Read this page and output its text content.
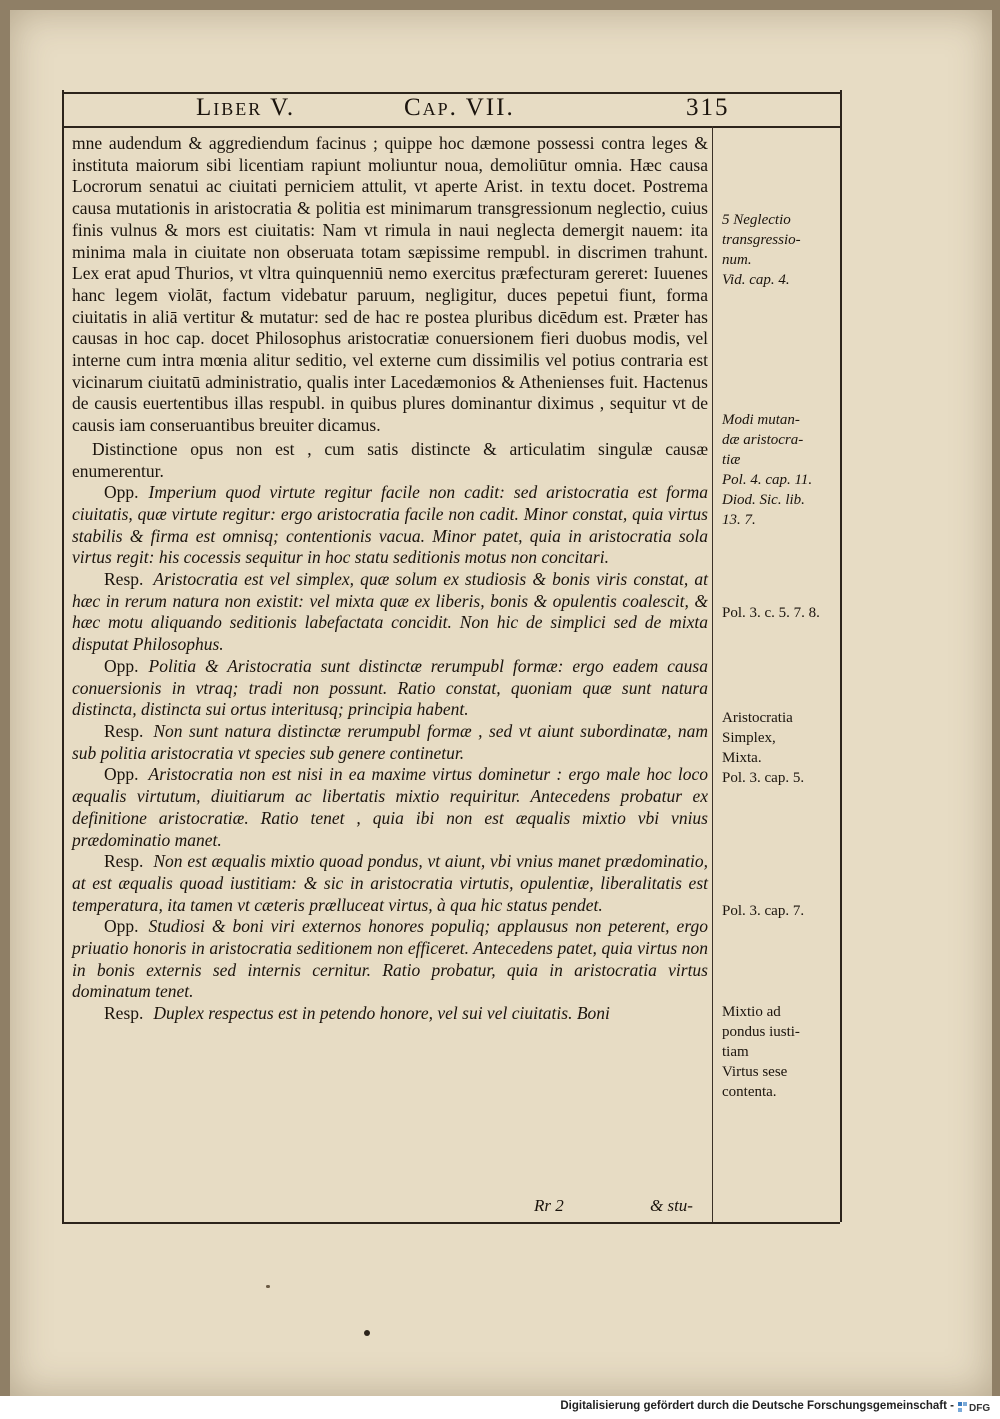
Liber V.	Cap. VII.	315

mne audendum & aggrediendum facinus ; quippe hoc dæmone possessi contra leges & instituta maiorum sibi licentiam rapiunt moliuntur noua, demoliūtur omnia. Hæc causa Locrorum senatui ac ciuitati perniciem attulit, vt aperte Arist. in textu docet. Postrema causa mutationis in aristocratia & politia est minimarum transgressionum neglectio, cuius finis vulnus & mors est ciuitatis: Nam vt rimula in naui neglecta demergit nauem: ita minima mala in ciuitate non obseruata totam sæpissime rempubl. in discrimen trahunt. Lex erat apud Thurios, vt vltra quinquenniū nemo exercitus præfecturam gereret: Iuuenes hanc legem violāt, factum videbatur paruum, negligitur, duces pepetui fiunt, forma ciuitatis in aliā vertitur & mutatur: sed de hac re postea pluribus dicēdum est. Præter has causas in hoc cap. docet Philosophus aristocratiæ conuersionem fieri duobus modis, vel interne cum intra mœnia alitur seditio, vel externe cum dissimilis vel potius contraria est vicinarum ciuitatū administratio, qualis inter Lacedæmonios & Athenienses fuit. Hactenus de causis euertentibus illas respubl. in quibus plures dominantur diximus , sequitur vt de causis iam conseruantibus breuiter dicamus.

Distinctione opus non est , cum satis distincte & articulatim singulæ causæ enumerentur.

Opp. Imperium quod virtute regitur facile non cadit: sed aristocratia est forma ciuitatis, quæ virtute regitur: ergo aristocratia facile non cadit. Minor constat, quia virtus stabilis & firma est omnisq; contentionis vacua. Minor patet, quia in aristocratia sola virtus regit: his cocessis sequitur in hoc statu seditionis motus non concitari.

Resp. Aristocratia est vel simplex, quæ solum ex studiosis & bonis viris constat, at hæc in rerum natura non existit: vel mixta quæ ex liberis, bonis & opulentis coalescit, & hæc motu aliquando seditionis labefactata concidit. Non hic de simplici sed de mixta disputat Philosophus.

Opp. Politia & Aristocratia sunt distinctæ rerumpubl formæ: ergo eadem causa conuersionis in vtraq; tradi non possunt. Ratio constat, quoniam quæ sunt natura distincta, distincta sui ortus interitusq; principia habent.

Resp. Non sunt natura distinctæ rerumpubl formæ , sed vt aiunt subordinatæ, nam sub politia aristocratia vt species sub genere continetur.

Opp. Aristocratia non est nisi in ea maxime virtus dominetur : ergo male hoc loco æqualis virtutum, diuitiarum ac libertatis mixtio requiritur. Antecedens probatur ex definitione aristocratiæ. Ratio tenet , quia ibi non est æqualis mixtio vbi vnius prædominatio manet.

Resp. Non est æqualis mixtio quoad pondus, vt aiunt, vbi vnius manet prædominatio, at est æqualis quoad iustitiam: & sic in aristocratia virtutis, opulentiæ, liberalitatis est temperatura, ita tamen vt cæteris prælluceat virtus, à qua hic status pendet.

Opp. Studiosi & boni viri externos honores populiq; applausus non peterent, ergo priuatio honoris in aristocratia seditionem non efficeret. Antecedens patet, quia virtus non in bonis externis sed internis cernitur. Ratio probatur, quia in aristocratia virtus dominatum tenet.

Resp. Duplex respectus est in petendo honore, vel sui vel ciuitatis. Boni

Rr 2	& stu-
5 Neglectio
transgressio-
num.
Vid. cap. 4.
Modi mutan-
dæ aristocra-
tiæ
Pol. 4. cap. 11.
Diod. Sic. lib.
13. 7.
Pol. 3. c. 5. 7. 8.
Aristocratia
Simplex,
Mixta.
Pol. 3. cap. 5.
Pol. 3. cap. 7.
Mixtio ad
pondus iusti-
tiam
Virtus sese
contenta.
Digitalisierung gefördert durch die Deutsche Forschungsgemeinschaft - DFG
